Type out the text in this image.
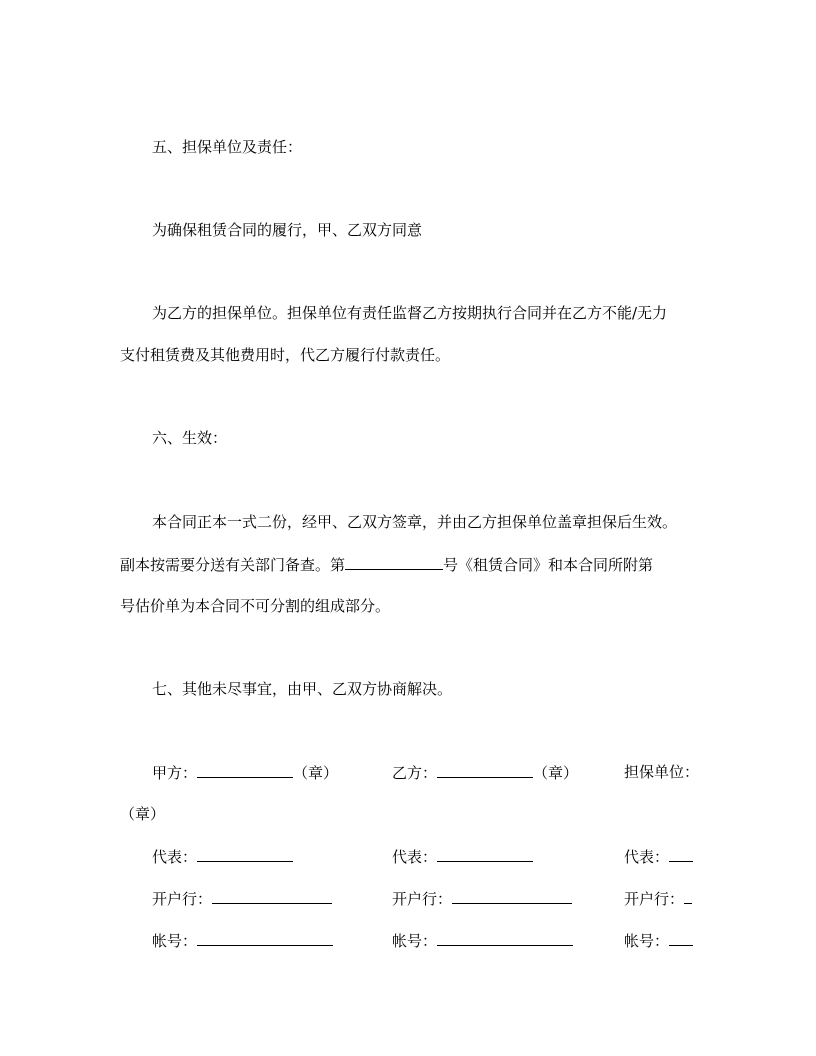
五、担保单位及责任：
为确保租赁合同的履行，甲、乙双方同意
为乙方的担保单位。担保单位有责任监督乙方按期执行合同并在乙方不能/无力
支付租赁费及其他费用时，代乙方履行付款责任。
六、生效：
本合同正本一式二份，经甲、乙双方签章，并由乙方担保单位盖章担保后生效。
副本按需要分送有关部门备查。第	号《租赁合同》和本合同所附第
号估价单为本合同不可分割的组成部分。
七、其他未尽事宜，由甲、乙双方协商解决。
甲方：	（章）	乙方：	（章）	担保单位：
（章）
代表：	代表：	代表：
开户行：	开户行：	开户行：
帐号：	帐号：	帐号：
